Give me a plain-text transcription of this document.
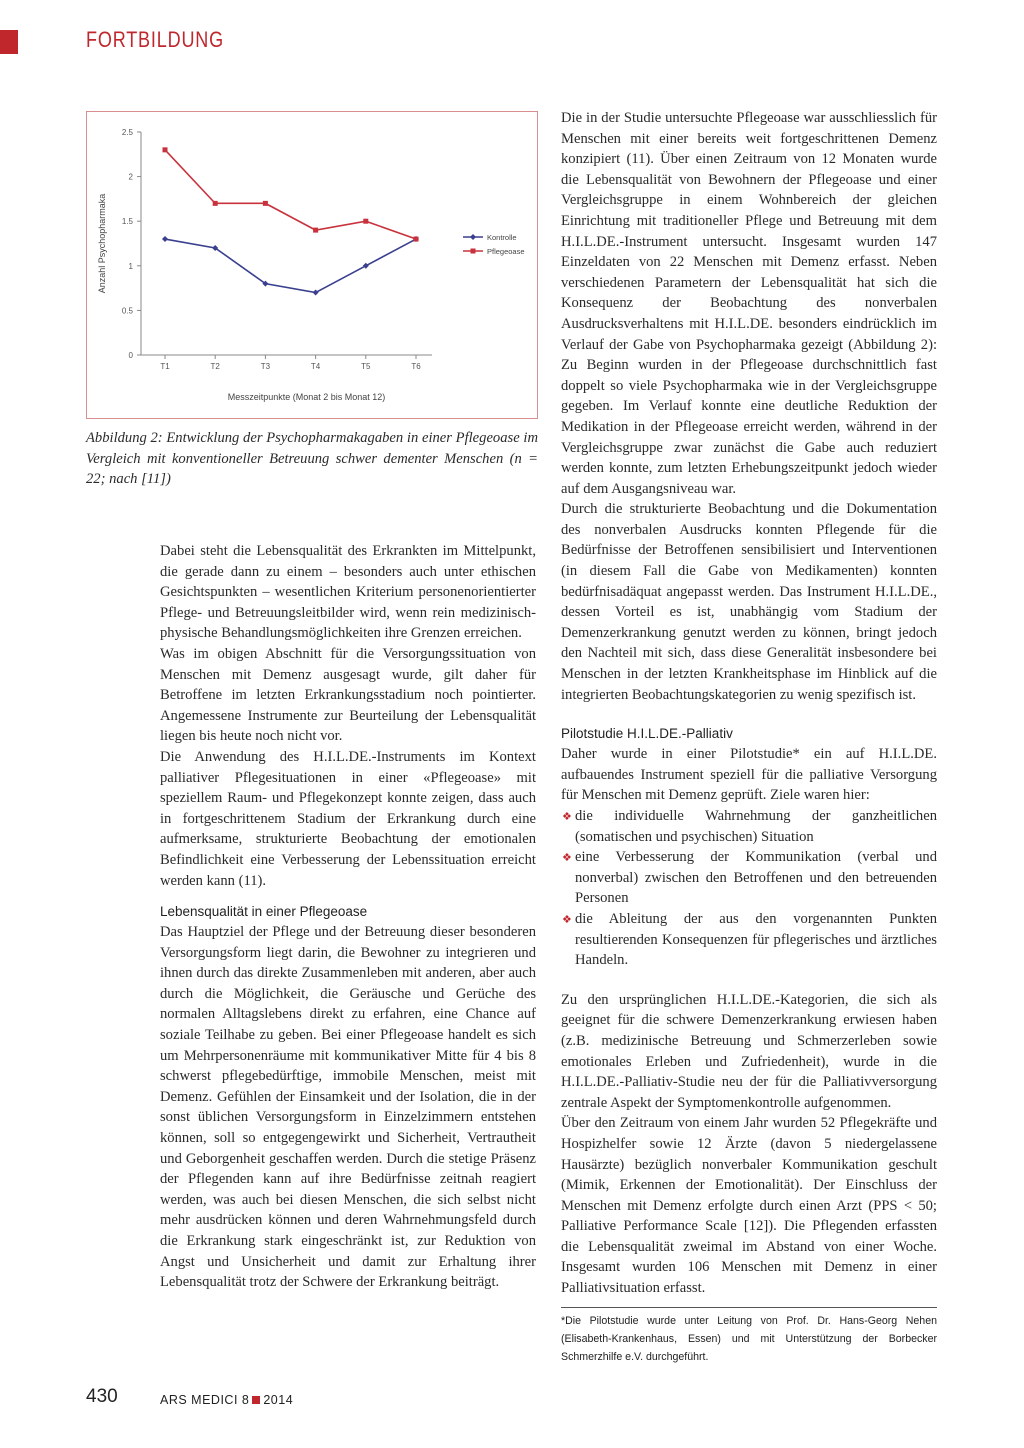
FORTBILDUNG
0
0.5
1
1.5
2
2.5
T1	T2	T3	T4	T5	T6
Anzahl Psychopharmaka
Messzeitpunkte (Monat 2 bis Monat 12)
Kontrolle
Pflegeoase
Abbildung 2: Entwicklung der Psychopharmakagaben in einer Pflegeoase im Vergleich mit konventioneller Betreuung schwer dementer Menschen (n = 22; nach [11])

Dabei steht die Lebensqualität des Erkrankten im Mittelpunkt, die gerade dann zu einem – besonders auch unter ethischen Gesichtspunkten – wesentlichen Kriterium personenorientierter Pflege- und Betreuungsleitbilder wird, wenn rein medizinisch-physische Behandlungsmöglichkeiten ihre Grenzen erreichen.

Was im obigen Abschnitt für die Versorgungssituation von Menschen mit Demenz ausgesagt wurde, gilt daher für Betroffene im letzten Erkrankungsstadium noch pointierter. Angemessene Instrumente zur Beurteilung der Lebensqualität liegen bis heute noch nicht vor.

Die Anwendung des H.I.L.DE.-Instruments im Kontext palliativer Pflegesituationen in einer «Pflegeoase» mit speziellem Raum- und Pflegekonzept konnte zeigen, dass auch in fortgeschrittenem Stadium der Erkrankung durch eine aufmerksame, strukturierte Beobachtung der emotionalen Befindlichkeit eine Verbesserung der Lebenssituation erreicht werden kann (11).

Lebensqualität in einer Pflegeoase

Das Hauptziel der Pflege und der Betreuung dieser besonderen Versorgungsform liegt darin, die Bewohner zu integrieren und ihnen durch das direkte Zusammenleben mit anderen, aber auch durch die Möglichkeit, die Geräusche und Gerüche des normalen Alltagslebens direkt zu erfahren, eine Chance auf soziale Teilhabe zu geben. Bei einer Pflegeoase handelt es sich um Mehrpersonenräume mit kommunikativer Mitte für 4 bis 8 schwerst pflegebedürftige, immobile Menschen, meist mit Demenz. Gefühlen der Einsamkeit und der Isolation, die in der sonst üblichen Versorgungsform in Einzelzimmern entstehen können, soll so entgegengewirkt und Sicherheit, Vertrautheit und Geborgenheit geschaffen werden. Durch die stetige Präsenz der Pflegenden kann auf ihre Bedürfnisse zeitnah reagiert werden, was auch bei diesen Menschen, die sich selbst nicht mehr ausdrücken können und deren Wahrnehmungsfeld durch die Erkrankung stark eingeschränkt ist, zur Reduktion von Angst und Unsicherheit und damit zur Erhaltung ihrer Lebensqualität trotz der Schwere der Erkrankung beiträgt.

Die in der Studie untersuchte Pflegeoase war ausschliesslich für Menschen mit einer bereits weit fortgeschrittenen Demenz konzipiert (11). Über einen Zeitraum von 12 Monaten wurde die Lebensqualität von Bewohnern der Pflegeoase und einer Vergleichsgruppe in einem Wohnbereich der gleichen Einrichtung mit traditioneller Pflege und Betreuung mit dem H.I.L.DE.-Instrument untersucht. Insgesamt wurden 147 Einzeldaten von 22 Menschen mit Demenz erfasst. Neben verschiedenen Parametern der Lebensqualität hat sich die Konsequenz der Beobachtung des nonverbalen Ausdrucksverhaltens mit H.I.L.DE. besonders eindrücklich im Verlauf der Gabe von Psychopharmaka gezeigt (Abbildung 2): Zu Beginn wurden in der Pflegeoase durchschnittlich fast doppelt so viele Psychopharmaka wie in der Vergleichsgruppe gegeben. Im Verlauf konnte eine deutliche Reduktion der Medikation in der Pflegeoase erreicht werden, während in der Vergleichsgruppe zwar zunächst die Gabe auch reduziert werden konnte, zum letzten Erhebungszeitpunkt jedoch wieder auf dem Ausgangsniveau war.

Durch die strukturierte Beobachtung und die Dokumentation des nonverbalen Ausdrucks konnten Pflegende für die Bedürfnisse der Betroffenen sensibilisiert und Interventionen (in diesem Fall die Gabe von Medikamenten) konnten bedürfnisadäquat angepasst werden. Das Instrument H.I.L.DE., dessen Vorteil es ist, unabhängig vom Stadium der Demenzerkrankung genutzt werden zu können, bringt jedoch den Nachteil mit sich, dass diese Generalität insbesondere bei Menschen in der letzten Krankheitsphase im Hinblick auf die integrierten Beobachtungskategorien zu wenig spezifisch ist.

Pilotstudie H.I.L.DE.-Palliativ

Daher wurde in einer Pilotstudie* ein auf H.I.L.DE. aufbauendes Instrument speziell für die palliative Versorgung für Menschen mit Demenz geprüft. Ziele waren hier:

❖ die individuelle Wahrnehmung der ganzheitlichen (somatischen und psychischen) Situation
❖ eine Verbesserung der Kommunikation (verbal und nonverbal) zwischen den Betroffenen und den betreuenden Personen
❖ die Ableitung der aus den vorgenannten Punkten resultierenden Konsequenzen für pflegerisches und ärztliches Handeln.

Zu den ursprünglichen H.I.L.DE.-Kategorien, die sich als geeignet für die schwere Demenzerkrankung erwiesen haben (z.B. medizinische Betreuung und Schmerzerleben sowie emotionales Erleben und Zufriedenheit), wurde in die H.I.L.DE.-Palliativ-Studie neu der für die Palliativversorgung zentrale Aspekt der Symptomenkontrolle aufgenommen.

Über den Zeitraum von einem Jahr wurden 52 Pflegekräfte und Hospizhelfer sowie 12 Ärzte (davon 5 niedergelassene Hausärzte) bezüglich nonverbaler Kommunikation geschult (Mimik, Erkennen der Emotionalität). Der Einschluss der Menschen mit Demenz erfolgte durch einen Arzt (PPS < 50; Palliative Performance Scale [12]). Die Pflegenden erfassten die Lebensqualität zweimal im Abstand von einer Woche. Insgesamt wurden 106 Menschen mit Demenz in einer Palliativsituation erfasst.

*Die Pilotstudie wurde unter Leitung von Prof. Dr. Hans-Georg Nehen (Elisabeth-Krankenhaus, Essen) und mit Unterstützung der Borbecker Schmerzhilfe e.V. durchgeführt.
430	ARS MEDICI 8 2014
